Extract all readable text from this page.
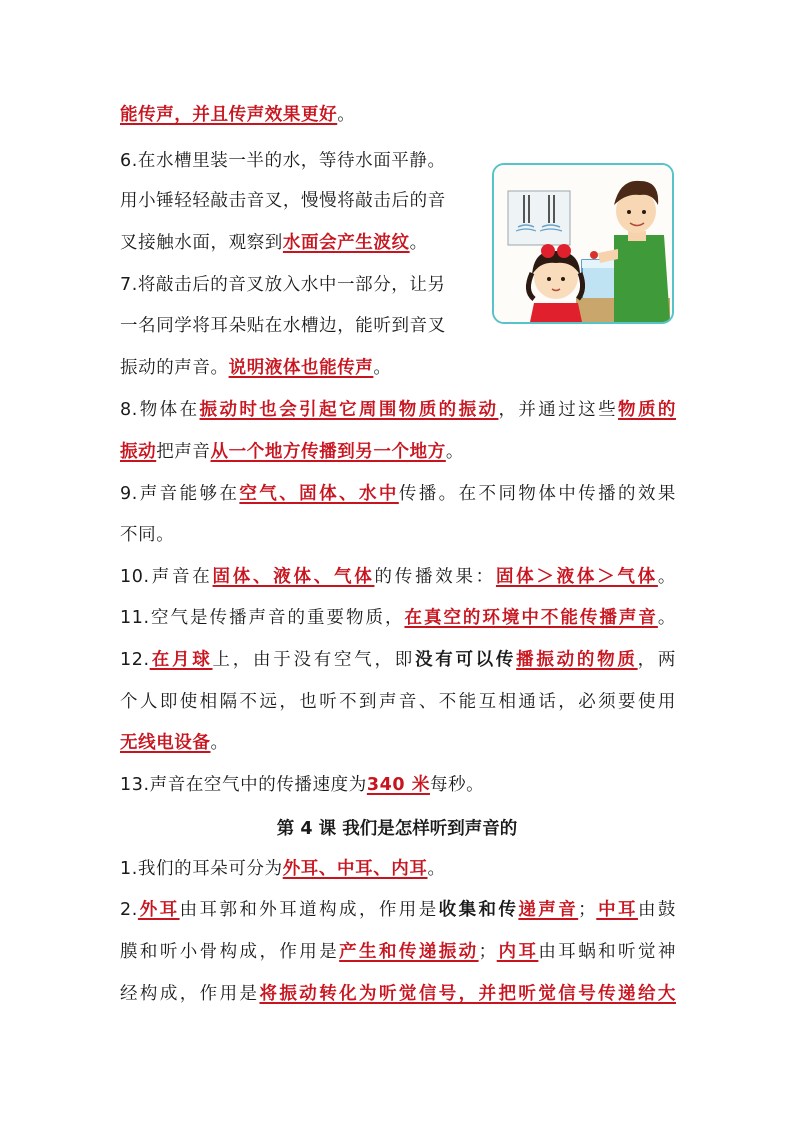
能传声，并且传声效果更好。
6.在水槽里装一半的水，等待水面平静。
用小锤轻轻敲击音叉，慢慢将敲击后的音
叉接触水面，观察到水面会产生波纹。
7.将敲击后的音叉放入水中一部分，让另
一名同学将耳朵贴在水槽边，能听到音叉
振动的声音。说明液体也能传声。
8.物体在振动时也会引起它周围物质的振动，并通过这些物质的
振动把声音从一个地方传播到另一个地方。
9.声音能够在空气、固体、水中传播。在不同物体中传播的效果
不同。
10.声音在固体、液体、气体的传播效果：固体＞液体＞气体。
11.空气是传播声音的重要物质，在真空的环境中不能传播声音。
12.在月球上，由于没有空气，即没有可以传播振动的物质，两
个人即使相隔不远，也听不到声音、不能互相通话，必须要使用
无线电设备。
13.声音在空气中的传播速度为340 米每秒。
第 4 课 我们是怎样听到声音的
1.我们的耳朵可分为外耳、中耳、内耳。
2.外耳由耳郭和外耳道构成，作用是收集和传递声音；中耳由鼓
膜和听小骨构成，作用是产生和传递振动；内耳由耳蜗和听觉神
经构成，作用是将振动转化为听觉信号，并把听觉信号传递给大
